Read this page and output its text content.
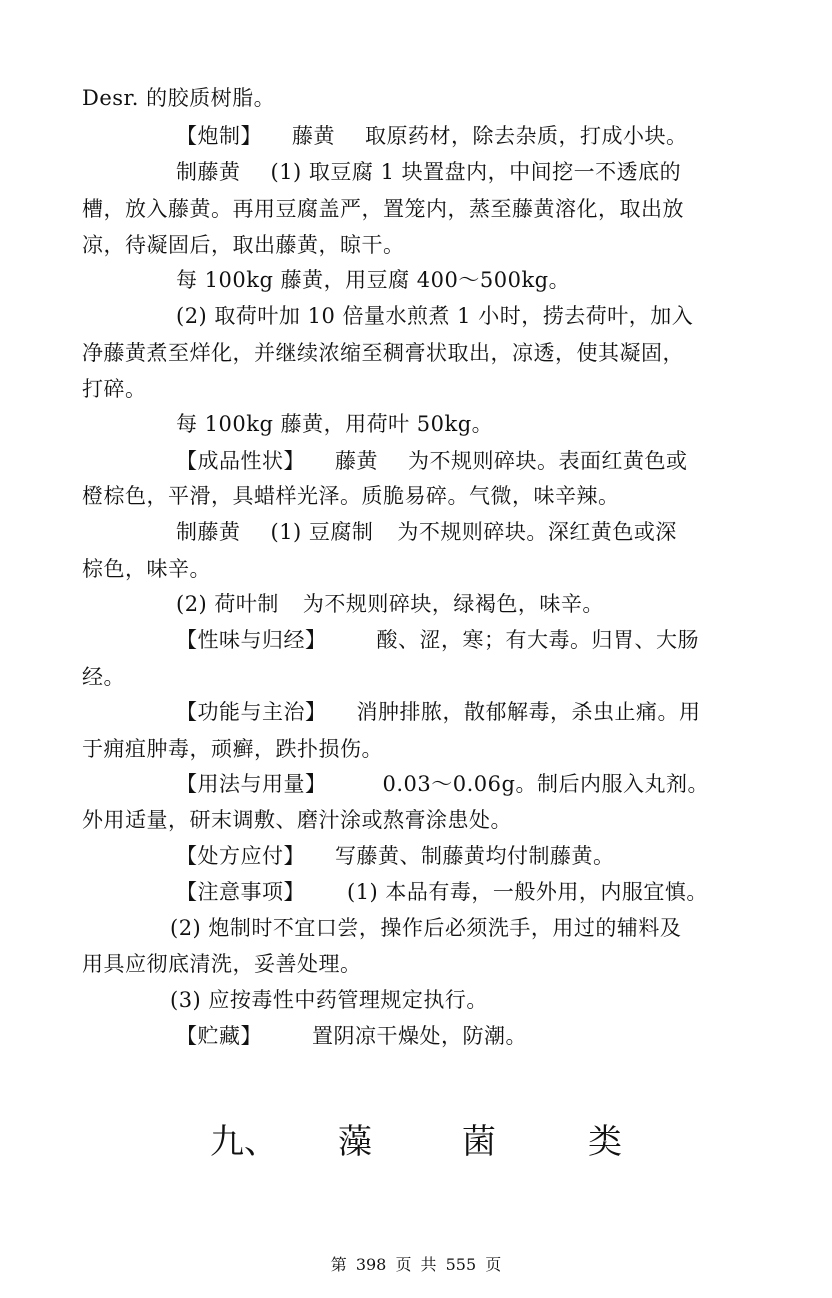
Desr. 的胶质树脂。
【炮制】 藤黄 取原药材，除去杂质，打成小块。
制藤黄 (1) 取豆腐 1 块置盘内，中间挖一不透底的
槽，放入藤黄。再用豆腐盖严，置笼内，蒸至藤黄溶化，取出放
凉，待凝固后，取出藤黄，晾干。
每 100kg 藤黄，用豆腐 400～500kg。
(2) 取荷叶加 10 倍量水煎煮 1 小时，捞去荷叶，加入
净藤黄煮至烊化，并继续浓缩至稠膏状取出，凉透，使其凝固，
打碎。
每 100kg 藤黄，用荷叶 50kg。
【成品性状】 藤黄 为不规则碎块。表面红黄色或
橙棕色，平滑，具蜡样光泽。质脆易碎。气微，味辛辣。
制藤黄 (1) 豆腐制 为不规则碎块。深红黄色或深
棕色，味辛。
(2) 荷叶制 为不规则碎块，绿褐色，味辛。
【性味与归经】 酸、涩，寒；有大毒。归胃、大肠
经。
【功能与主治】 消肿排脓，散郁解毒，杀虫止痛。用
于痈疽肿毒，顽癣，跌扑损伤。
【用法与用量】	0.03～0.06g。制后内服入丸剂。
外用适量，研末调敷、磨汁涂或熬膏涂患处。
【处方应付】 写藤黄、制藤黄均付制藤黄。
【注意事项】 (1) 本品有毒，一般外用，内服宜慎。
(2) 炮制时不宜口尝，操作后必须洗手，用过的辅料及
用具应彻底清洗，妥善处理。
(3) 应按毒性中药管理规定执行。
【贮藏】 置阴凉干燥处，防潮。
九、 藻	菌	类
第 398 页 共 555 页
